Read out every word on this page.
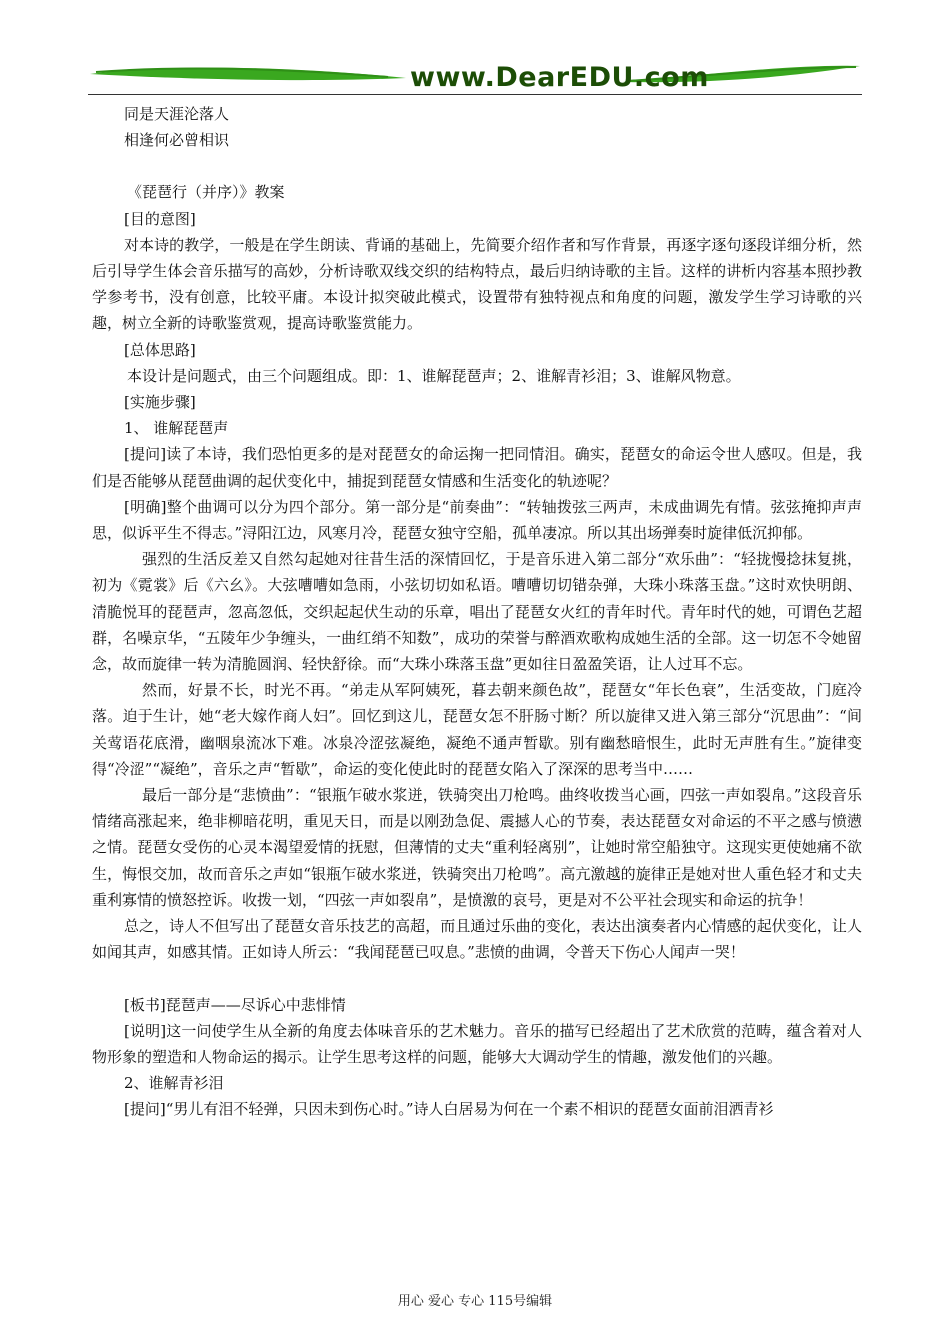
www.DearEDU.com

同是天涯沦落人

相逢何必曾相识

《琵琶行（并序）》教案

[目的意图]

对本诗的教学，一般是在学生朗读、背诵的基础上，先简要介绍作者和写作背景，再逐字逐句逐段详细分析，然后引导学生体会音乐描写的高妙，分析诗歌双线交织的结构特点，最后归纳诗歌的主旨。这样的讲析内容基本照抄教学参考书，没有创意，比较平庸。本设计拟突破此模式，设置带有独特视点和角度的问题，激发学生学习诗歌的兴趣，树立全新的诗歌鉴赏观，提高诗歌鉴赏能力。

[总体思路]

本设计是问题式，由三个问题组成。即：1、谁解琵琶声；2、谁解青衫泪；3、谁解风物意。

[实施步骤]

1、 谁解琵琶声

[提问]读了本诗，我们恐怕更多的是对琵琶女的命运掬一把同情泪。确实，琵琶女的命运令世人感叹。但是，我们是否能够从琵琶曲调的起伏变化中，捕捉到琵琶女情感和生活变化的轨迹呢？

[明确]整个曲调可以分为四个部分。第一部分是“前奏曲”：“转轴拨弦三两声，未成曲调先有情。弦弦掩抑声声思，似诉平生不得志。”浔阳江边，风寒月冷，琵琶女独守空船，孤单凄凉。所以其出场弹奏时旋律低沉抑郁。

强烈的生活反差又自然勾起她对往昔生活的深情回忆，于是音乐进入第二部分“欢乐曲”：“轻拢慢捻抹复挑，初为《霓裳》后《六幺》。大弦嘈嘈如急雨，小弦切切如私语。嘈嘈切切错杂弹，大珠小珠落玉盘。”这时欢快明朗、清脆悦耳的琵琶声，忽高忽低，交织起起伏生动的乐章，唱出了琵琶女火红的青年时代。青年时代的她，可谓色艺超群，名噪京华，“五陵年少争缠头，一曲红绡不知数”，成功的荣誉与醉酒欢歌构成她生活的全部。这一切怎不令她留念，故而旋律一转为清脆圆润、轻快舒徐。而“大珠小珠落玉盘”更如往日盈盈笑语，让人过耳不忘。

然而，好景不长，时光不再。“弟走从军阿姨死，暮去朝来颜色故”，琵琶女“年长色衰”，生活变故，门庭冷落。迫于生计，她“老大嫁作商人妇”。回忆到这儿，琵琶女怎不肝肠寸断？所以旋律又进入第三部分“沉思曲”：“间关莺语花底滑，幽咽泉流冰下难。冰泉冷涩弦凝绝，凝绝不通声暂歇。别有幽愁暗恨生，此时无声胜有生。”旋律变得“冷涩”“凝绝”，音乐之声“暂歇”，命运的变化使此时的琵琶女陷入了深深的思考当中……

最后一部分是“悲愤曲”：“银瓶乍破水浆迸，铁骑突出刀枪鸣。曲终收拨当心画，四弦一声如裂帛。”这段音乐情绪高涨起来，绝非柳暗花明，重见天日，而是以刚劲急促、震撼人心的节奏，表达琵琶女对命运的不平之感与愤懑之情。琵琶女受伤的心灵本渴望爱情的抚慰，但薄情的丈夫“重利轻离别”，让她时常空船独守。这现实更使她痛不欲生，悔恨交加，故而音乐之声如“银瓶乍破水浆迸，铁骑突出刀枪鸣”。高亢激越的旋律正是她对世人重色轻才和丈夫重利寡情的愤怒控诉。收拨一划，“四弦一声如裂帛”，是愤激的哀号，更是对不公平社会现实和命运的抗争！

总之，诗人不但写出了琵琶女音乐技艺的高超，而且通过乐曲的变化，表达出演奏者内心情感的起伏变化，让人如闻其声，如感其情。正如诗人所云：“我闻琵琶已叹息。”悲愤的曲调，令普天下伤心人闻声一哭！

[板书]琵琶声——尽诉心中悲悱情

[说明]这一问使学生从全新的角度去体味音乐的艺术魅力。音乐的描写已经超出了艺术欣赏的范畴，蕴含着对人物形象的塑造和人物命运的揭示。让学生思考这样的问题，能够大大调动学生的情趣，激发他们的兴趣。

2、谁解青衫泪

[提问]“男儿有泪不轻弹，只因未到伤心时。”诗人白居易为何在一个素不相识的琵琶女面前泪洒青衫

用心 爱心 专心 115号编辑
